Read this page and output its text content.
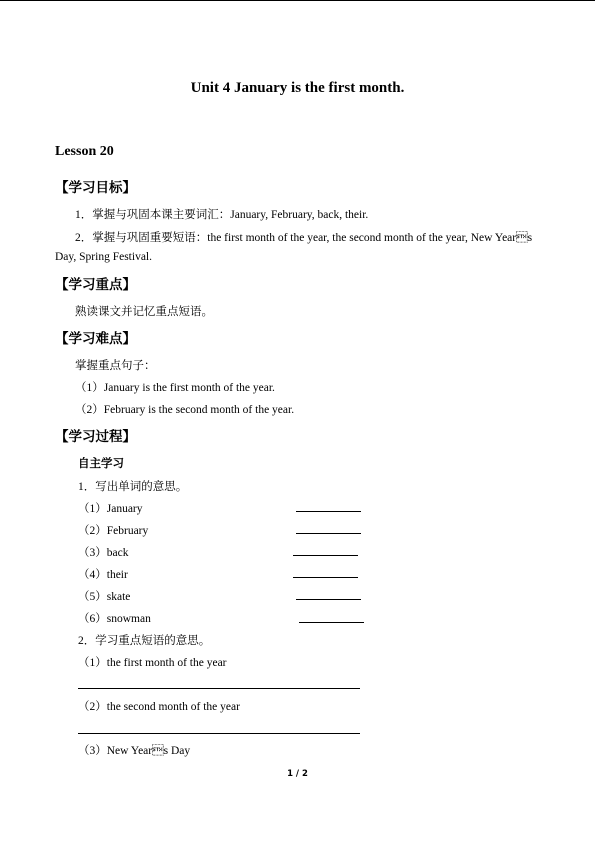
Unit 4 January is the first month.
Lesson 20
【学习目标】
1．掌握与巩固本课主要词汇：January, February, back, their.
2．掌握与巩固重要短语：the first month of the year, the second month of the year, New Years
Day, Spring Festival.
【学习重点】
熟读课文并记忆重点短语。
【学习难点】
掌握重点句子：
（1）January is the first month of the year.
（2）February is the second month of the year.
【学习过程】
自主学习
1．写出单词的意思。
（1）January
（2）February
（3）back
（4）their
（5）skate
（6）snowman
2．学习重点短语的意思。
（1）the first month of the year
（2）the second month of the year
（3）New Years Day
1 / 2
